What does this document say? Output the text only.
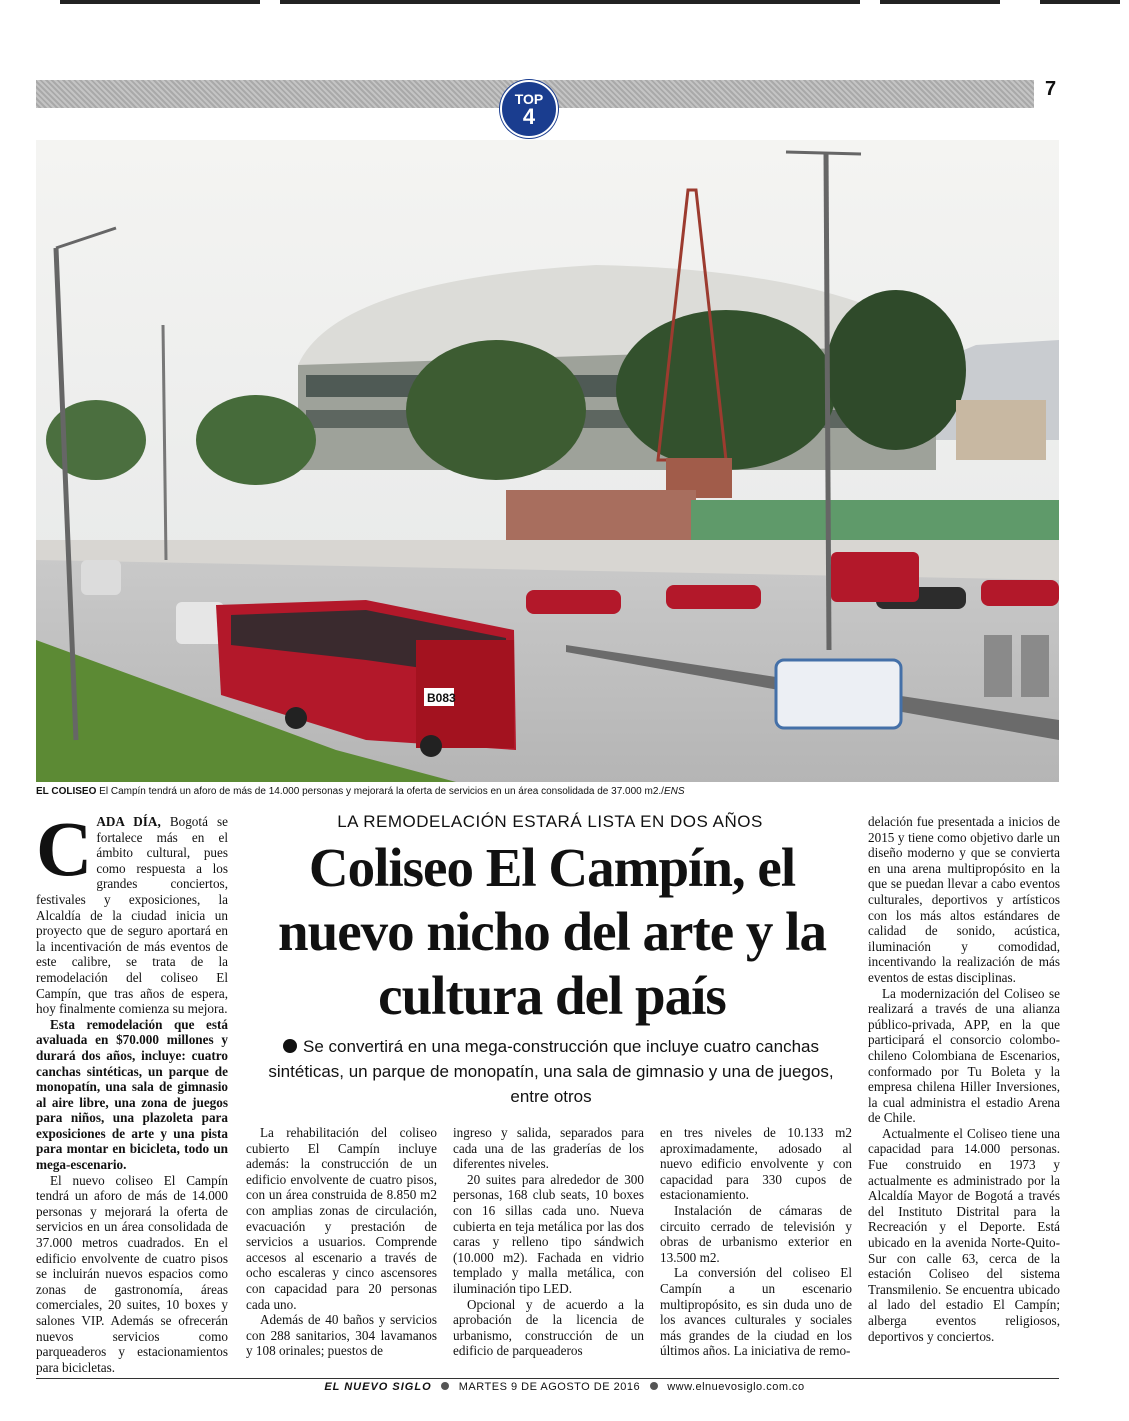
TOP
4
7
B083
EL COLISEO El Campín tendrá un aforo de más de 14.000 personas y mejorará la oferta de servicios en un área consolidada de 37.000 m2./ENS
LA REMODELACIÓN ESTARÁ LISTA EN DOS AÑOS
Coliseo El Campín, el nuevo nicho del arte y la cultura del país
Se convertirá en una mega-construcción que incluye cuatro canchas sintéticas, un parque de monopatín, una sala de gimnasio y una de juegos, entre otros

CADA DÍA, Bogotá se fortalece más en el ámbito cultural, pues como respuesta a los grandes conciertos, festivales y exposiciones, la Alcaldía de la ciudad inicia un proyecto que de seguro aportará en la incentivación de más eventos de este calibre, se trata de la remodelación del coliseo El Campín, que tras años de espera, hoy finalmente comienza su mejora.

Esta remodelación que está avaluada en $70.000 millones y durará dos años, incluye: cuatro canchas sintéticas, un parque de monopatín, una sala de gimnasio al aire libre, una zona de juegos para niños, una plazoleta para exposiciones de arte y una pista para montar en bicicleta, todo un mega-escenario.

El nuevo coliseo El Campín tendrá un aforo de más de 14.000 personas y mejorará la oferta de servicios en un área consolidada de 37.000 metros cuadrados. En el edificio envolvente de cuatro pisos se incluirán nuevos espacios como zonas de gastronomía, áreas comerciales, 20 suites, 10 boxes y salones VIP. Además se ofrecerán nuevos servicios como parqueaderos y estacionamientos para bicicletas.

La rehabilitación del coliseo cubierto El Campín incluye además: la construcción de un edificio envolvente de cuatro pisos, con un área construida de 8.850 m2 con amplias zonas de circulación, evacuación y prestación de servicios a usuarios. Comprende accesos al escenario a través de ocho escaleras y cinco ascensores con capacidad para 20 personas cada uno.

Además de 40 baños y servicios con 288 sanitarios, 304 lavamanos y 108 orinales; puestos de

ingreso y salida, separados para cada una de las graderías de los diferentes niveles.

20 suites para alrededor de 300 personas, 168 club seats, 10 boxes con 16 sillas cada uno. Nueva cubierta en teja metálica por las dos caras y relleno tipo sándwich (10.000 m2). Fachada en vidrio templado y malla metálica, con iluminación tipo LED.

Opcional y de acuerdo a la aprobación de la licencia de urbanismo, construcción de un edificio de parqueaderos

en tres niveles de 10.133 m2 aproximadamente, adosado al nuevo edificio envolvente y con capacidad para 330 cupos de estacionamiento.

Instalación de cámaras de circuito cerrado de televisión y obras de urbanismo exterior en 13.500 m2.

La conversión del coliseo El Campín a un escenario multipropósito, es sin duda uno de los avances culturales y sociales más grandes de la ciudad en los últimos años. La iniciativa de remo-

delación fue presentada a inicios de 2015 y tiene como objetivo darle un diseño moderno y que se convierta en una arena multipropósito en la que se puedan llevar a cabo eventos culturales, deportivos y artísticos con los más altos estándares de calidad de sonido, acústica, iluminación y comodidad, incentivando la realización de más eventos de estas disciplinas.

La modernización del Coliseo se realizará a través de una alianza público-privada, APP, en la que participará el consorcio colombo-chileno Colombiana de Escenarios, conformado por Tu Boleta y la empresa chilena Hiller Inversiones, la cual administra el estadio Arena de Chile.

Actualmente el Coliseo tiene una capacidad para 14.000 personas. Fue construido en 1973 y actualmente es administrado por la Alcaldía Mayor de Bogotá a través del Instituto Distrital para la Recreación y el Deporte. Está ubicado en la avenida Norte-Quito-Sur con calle 63, cerca de la estación Coliseo del sistema Transmilenio. Se encuentra ubicado al lado del estadio El Campín; alberga eventos religiosos, deportivos y conciertos.

EL NUEVO SIGLO MARTES 9 DE AGOSTO DE 2016 www.elnuevosiglo.com.co
